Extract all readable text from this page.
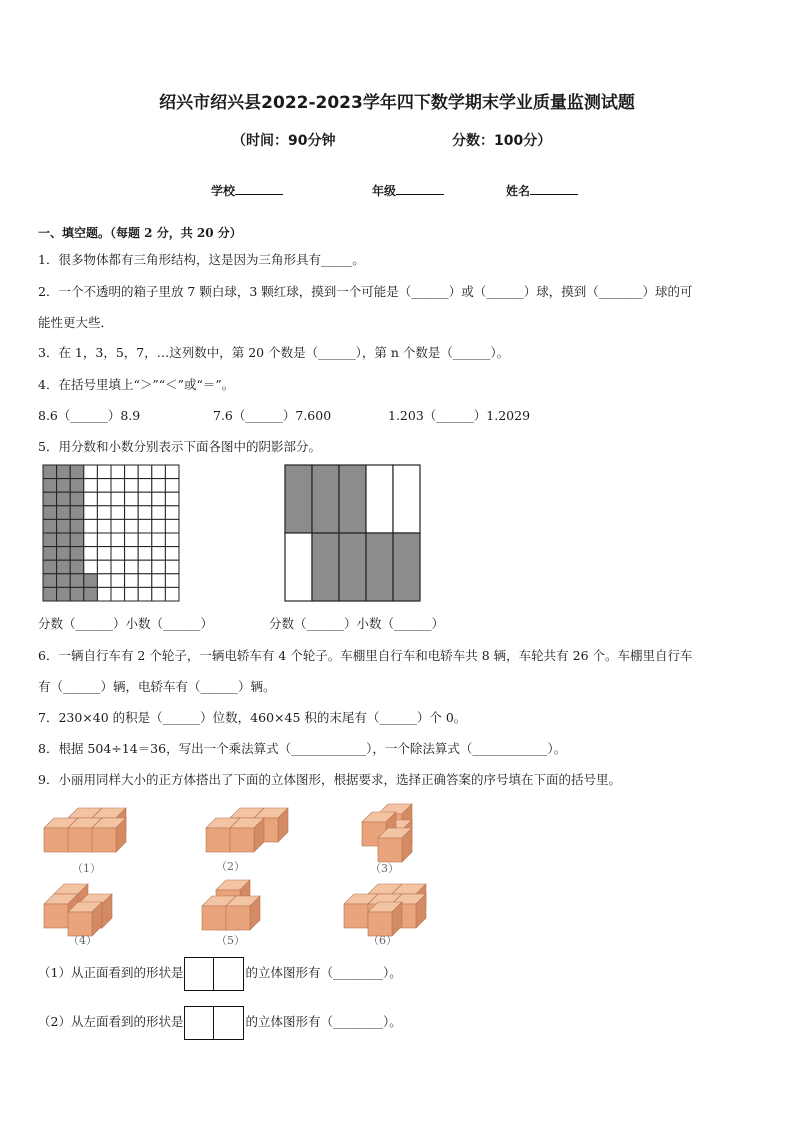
绍兴市绍兴县2022-2023学年四下数学期末学业质量监测试题
（时间：90分钟	分数：100分）
学校	年级	姓名
一、填空题。（每题 2 分，共 20 分）
1．很多物体都有三角形结构，这是因为三角形具有_____。
2．一个不透明的箱子里放 7 颗白球，3 颗红球，摸到一个可能是（______）或（______）球，摸到（_______）球的可
能性更大些．
3．在 1，3，5，7，…这列数中，第 20 个数是（______），第 n 个数是（______）。
4．在括号里填上“＞”“＜”或“＝”。
8.6（______）8.9	7.6（______）7.600	1.203（______）1.2029
5．用分数和小数分别表示下面各图中的阴影部分。
分数（______）小数（______）	分数（______）小数（______）
6．一辆自行车有 2 个轮子，一辆电轿车有 4 个轮子。车棚里自行车和电轿车共 8 辆，车轮共有 26 个。车棚里自行车
有（______）辆，电轿车有（______）辆。
7．230×40 的积是（______）位数，460×45 积的末尾有（______）个 0。
8．根据 504÷14＝36，写出一个乘法算式（____________），一个除法算式（____________）。
9．小丽用同样大小的正方体搭出了下面的立体图形，根据要求，选择正确答案的序号填在下面的括号里。
（1）	（2）	（3）
（4）	（5）	（6）
（1）从正面看到的形状是	的立体图形有（________）。
（2）从左面看到的形状是	的立体图形有（________）。
